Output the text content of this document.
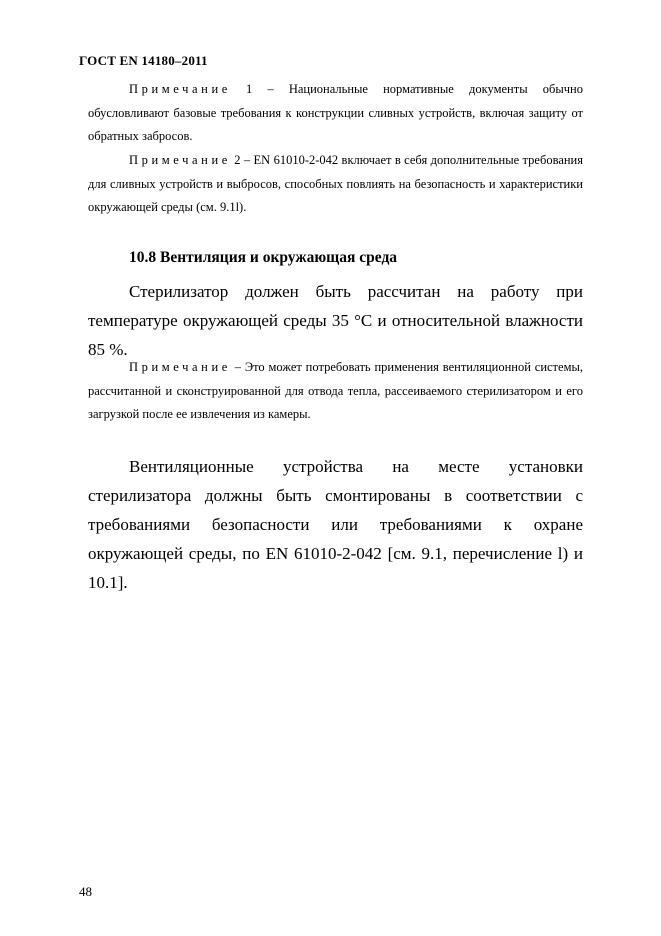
ГОСТ EN 14180–2011

Примечание 1 – Национальные нормативные документы обычно обусловливают базовые требования к конструкции сливных устройств, включая защиту от обратных забросов.

Примечание 2 – EN 61010-2-042 включает в себя дополнительные требования для сливных устройств и выбросов, способных повлиять на безопасность и характеристики окружающей среды (см. 9.1l).

10.8 Вентиляция и окружающая среда

Стерилизатор должен быть рассчитан на работу при температуре окружающей среды 35 °С и относительной влажности 85 %.

Примечание – Это может потребовать применения вентиляционной системы, рассчитанной и сконструированной для отвода тепла, рассеиваемого стерилизатором и его загрузкой после ее извлечения из камеры.

Вентиляционные устройства на месте установки стерилизатора должны быть смонтированы в соответствии с требованиями безопасности или требованиями к охране окружающей среды, по EN 61010-2-042 [см. 9.1, перечисление l) и 10.1].

48
